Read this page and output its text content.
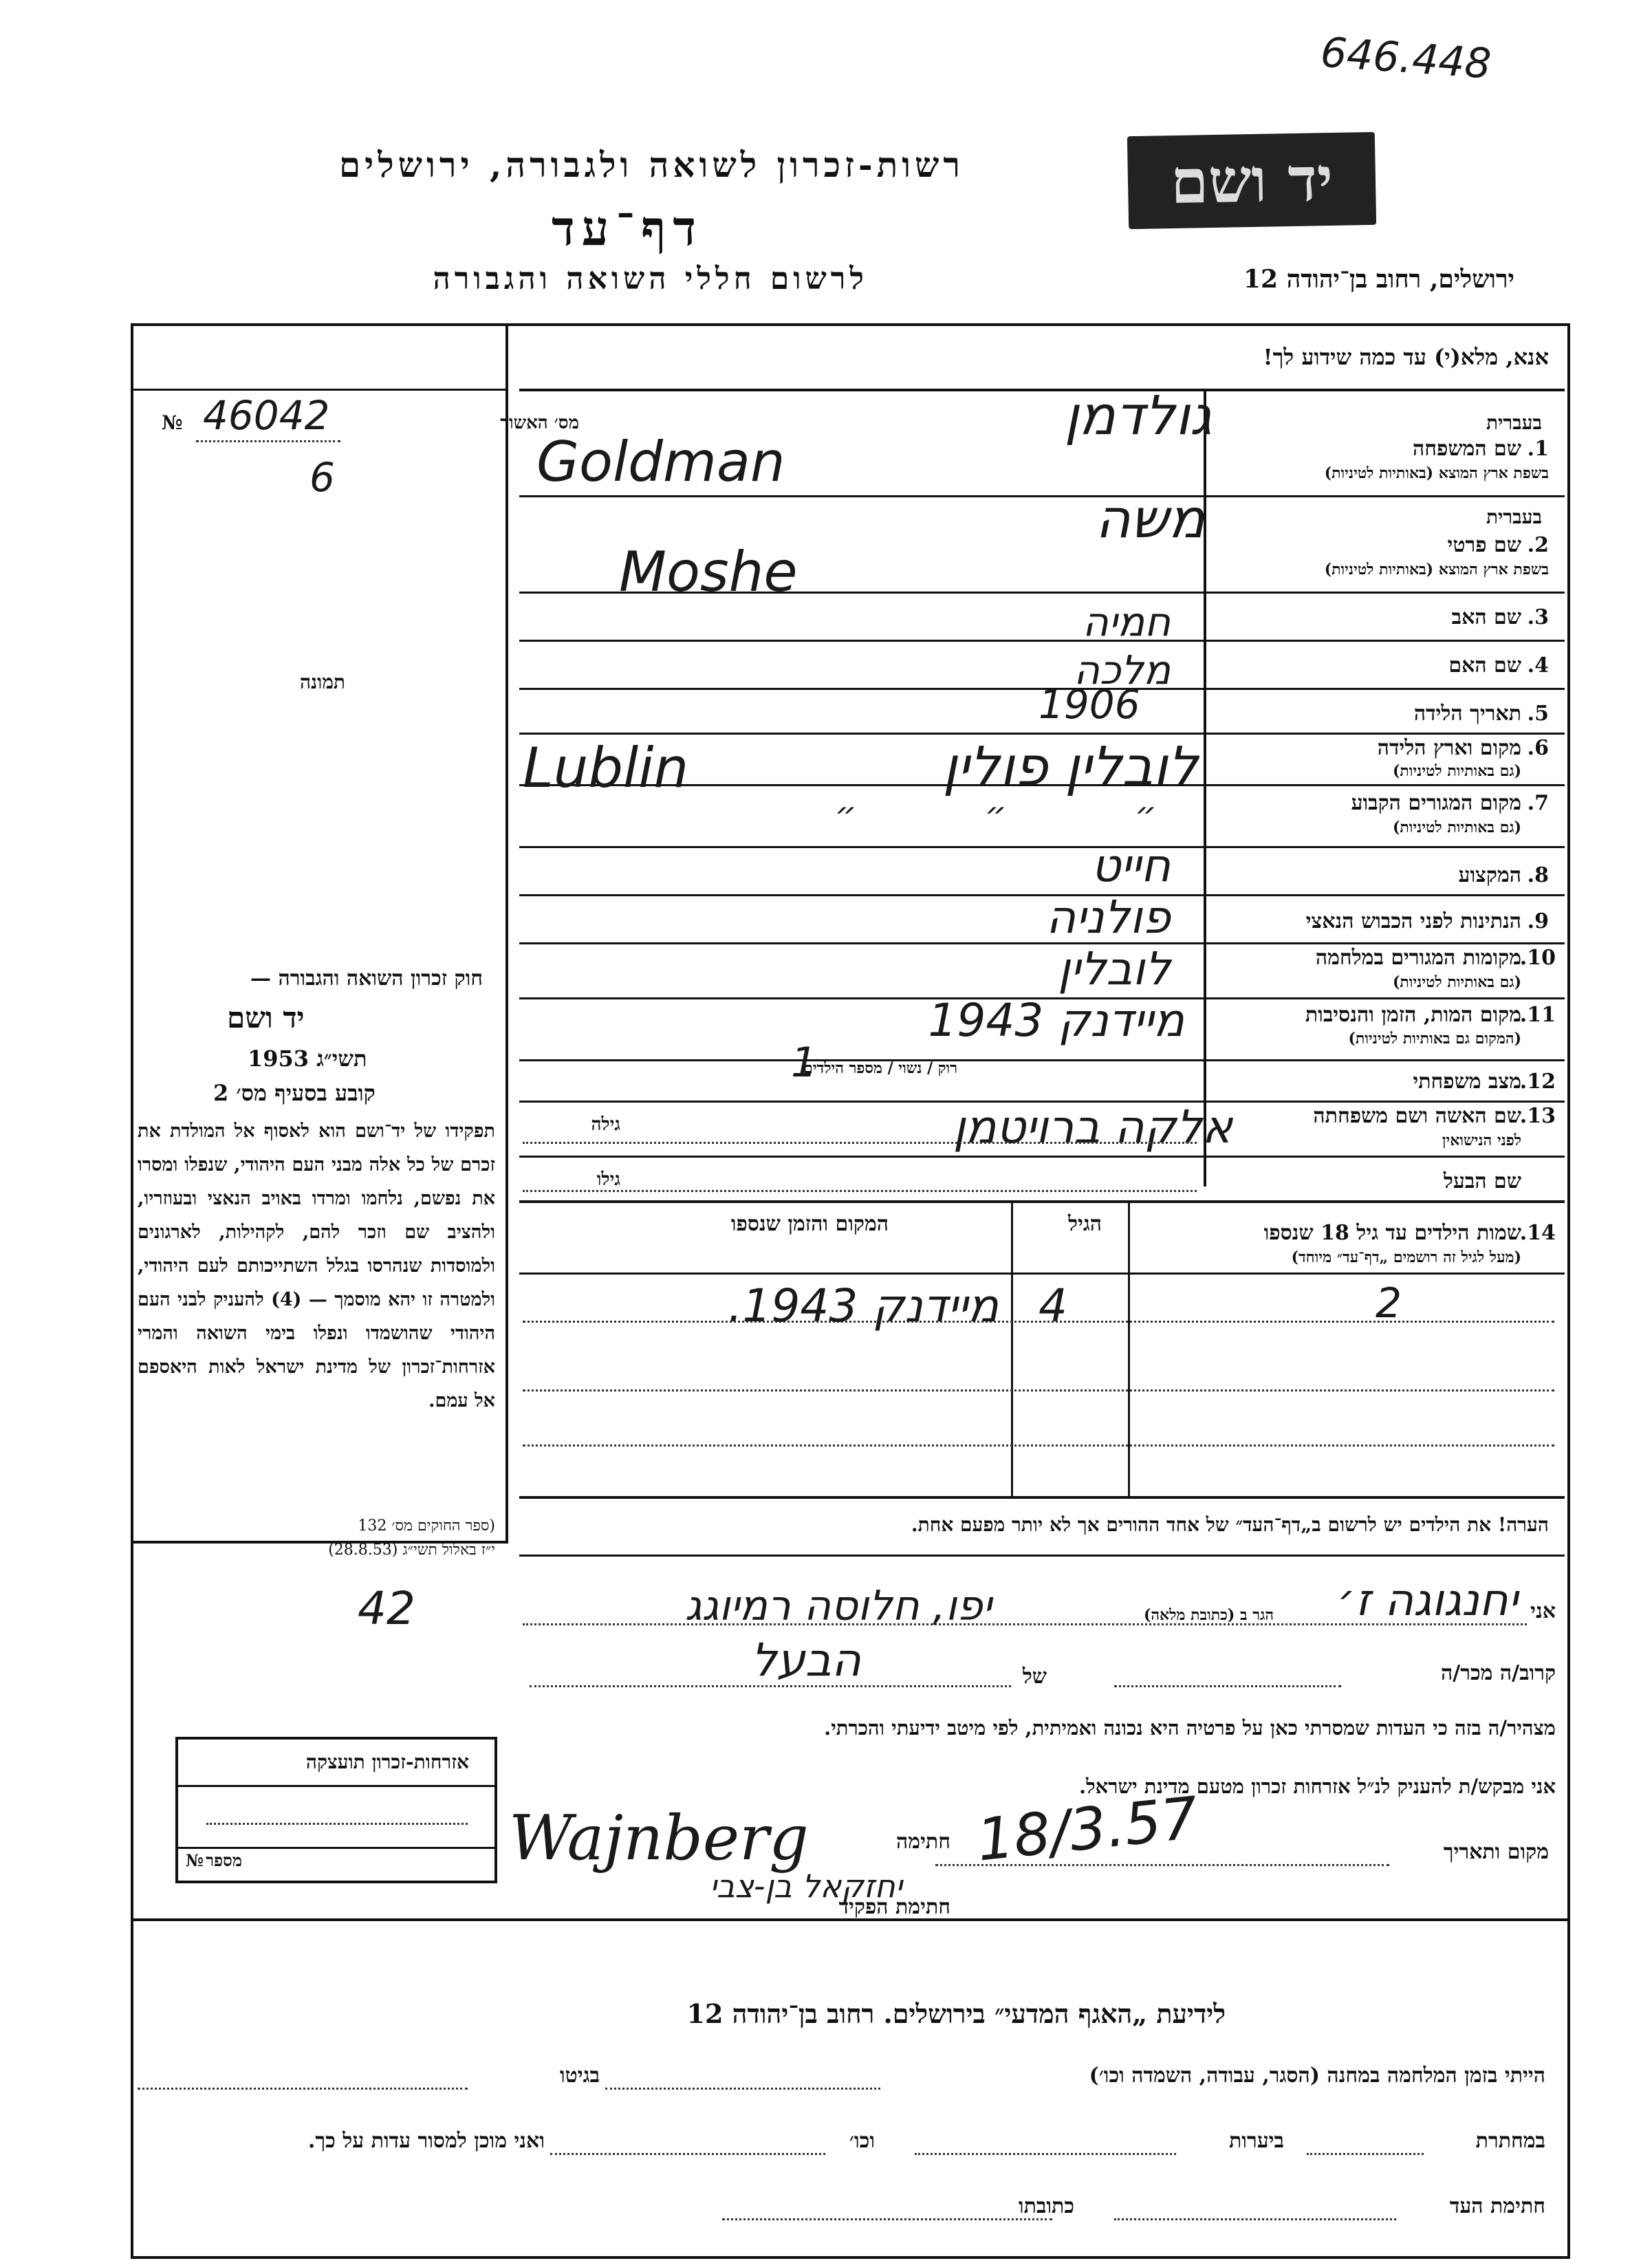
646.448
רשות-זכרון לשואה ולגבורה, ירושלים
דף־עד
לרשום חללי השואה והגבורה
יד ושם
ירושלים, רחוב בן־יהודה 12
אנא, מלא(י) עד כמה שידוע לך!
מס׳ האשור
№ 46042
6
תמונה
בעברית
שם המשפחה 1.
בשפת ארץ המוצא (באותיות לטיניות)
בעברית
שם פרטי 2.
בשפת ארץ המוצא (באותיות לטיניות)
שם האב 3.
שם האם 4.
תאריך הלידה 5.
מקום וארץ הלידה 6.
(גם באותיות לטיניות)
מקום המגורים הקבוע 7.
(גם באותיות לטיניות)
המקצוע 8.
הנתינות לפני הכבוש הנאצי 9.
מקומות המגורים במלחמה
10.
(גם באותיות לטיניות)
מקום המות, הזמן והנסיבות
11.
(המקום גם באותיות לטיניות)
מצב משפחתי
12.
רוק / נשוי / מספר הילדים
שם האשה ושם משפחתה
13.
לפני הנישואין
גילה
שם הבעל
גילו
גולדמן
Goldman
משה
Moshe
חמיה
מלכה
1906
לובלין פולין
Lublin
״ ״ ״
חייט
פולניה
לובלין
מיידנק 1943
1
אלקה ברויטמן
14.
שמות הילדים עד גיל 18 שנספו
(מעל לגיל זה רושמים „דף־עד״ מיוחד)
הגיל
המקום והזמן שנספו
2
4
מיידנק 1943.
הערה! את הילדים יש לרשום ב„דף־העד״ של אחד ההורים אך לא יותר מפעם אחת.
חוק זכרון השואה והגבורה —
יד ושם
תשי״ג 1953
קובע בסעיף מס׳ 2
תפקידו של יד־ושם הוא לאסוף אל המולדת את זכרם של כל אלה מבני העם היהודי, שנפלו ומסרו את נפשם, נלחמו ומרדו באויב הנאצי ובעוזריו, ולהציב שם וזכר להם, לקהילות, לארגונים ולמוסדות שנהרסו בגלל השתייכותם לעם היהודי, ולמטרה זו יהא מוסמך — (4) להעניק לבני העם היהודי שהושמדו ונפלו בימי השואה והמרי אזרחות־זכרון של מדינת ישראל לאות היאספם אל עמם.
(ספר החוקים מס׳ 132
י״ז באלול תשי״ג (28.8.53)
אני
יחנגוגה ז׳
הגר ב (כתובת מלאה)
יפו, חלוסה רמיוגג
42
קרוב/ה מכר/ה
של
הבעל
מצהיר/ה בזה כי העדות שמסרתי כאן על פרטיה היא נכונה ואמיתית, לפי מיטב ידיעתי והכרתי.
אני מבקש/ת להעניק לנ״ל אזרחות זכרון מטעם מדינת ישראל.
מקום ותאריך
18/3.57
חתימה
Wajnberg
יחזקאל בן-צבי
חתימת הפקיד
אזרחות-זכרון תועצקה
מספר
№
לידיעת „האגף המדעי״ בירושלים. רחוב בן־יהודה 12
הייתי בזמן המלחמה במחנה (הסגר, עבודה, השמדה וכו׳)
בגיטו
במחתרת
ביערות
וכו׳
ואני מוכן למסור עדות על כך.
חתימת העד
כתובתו
